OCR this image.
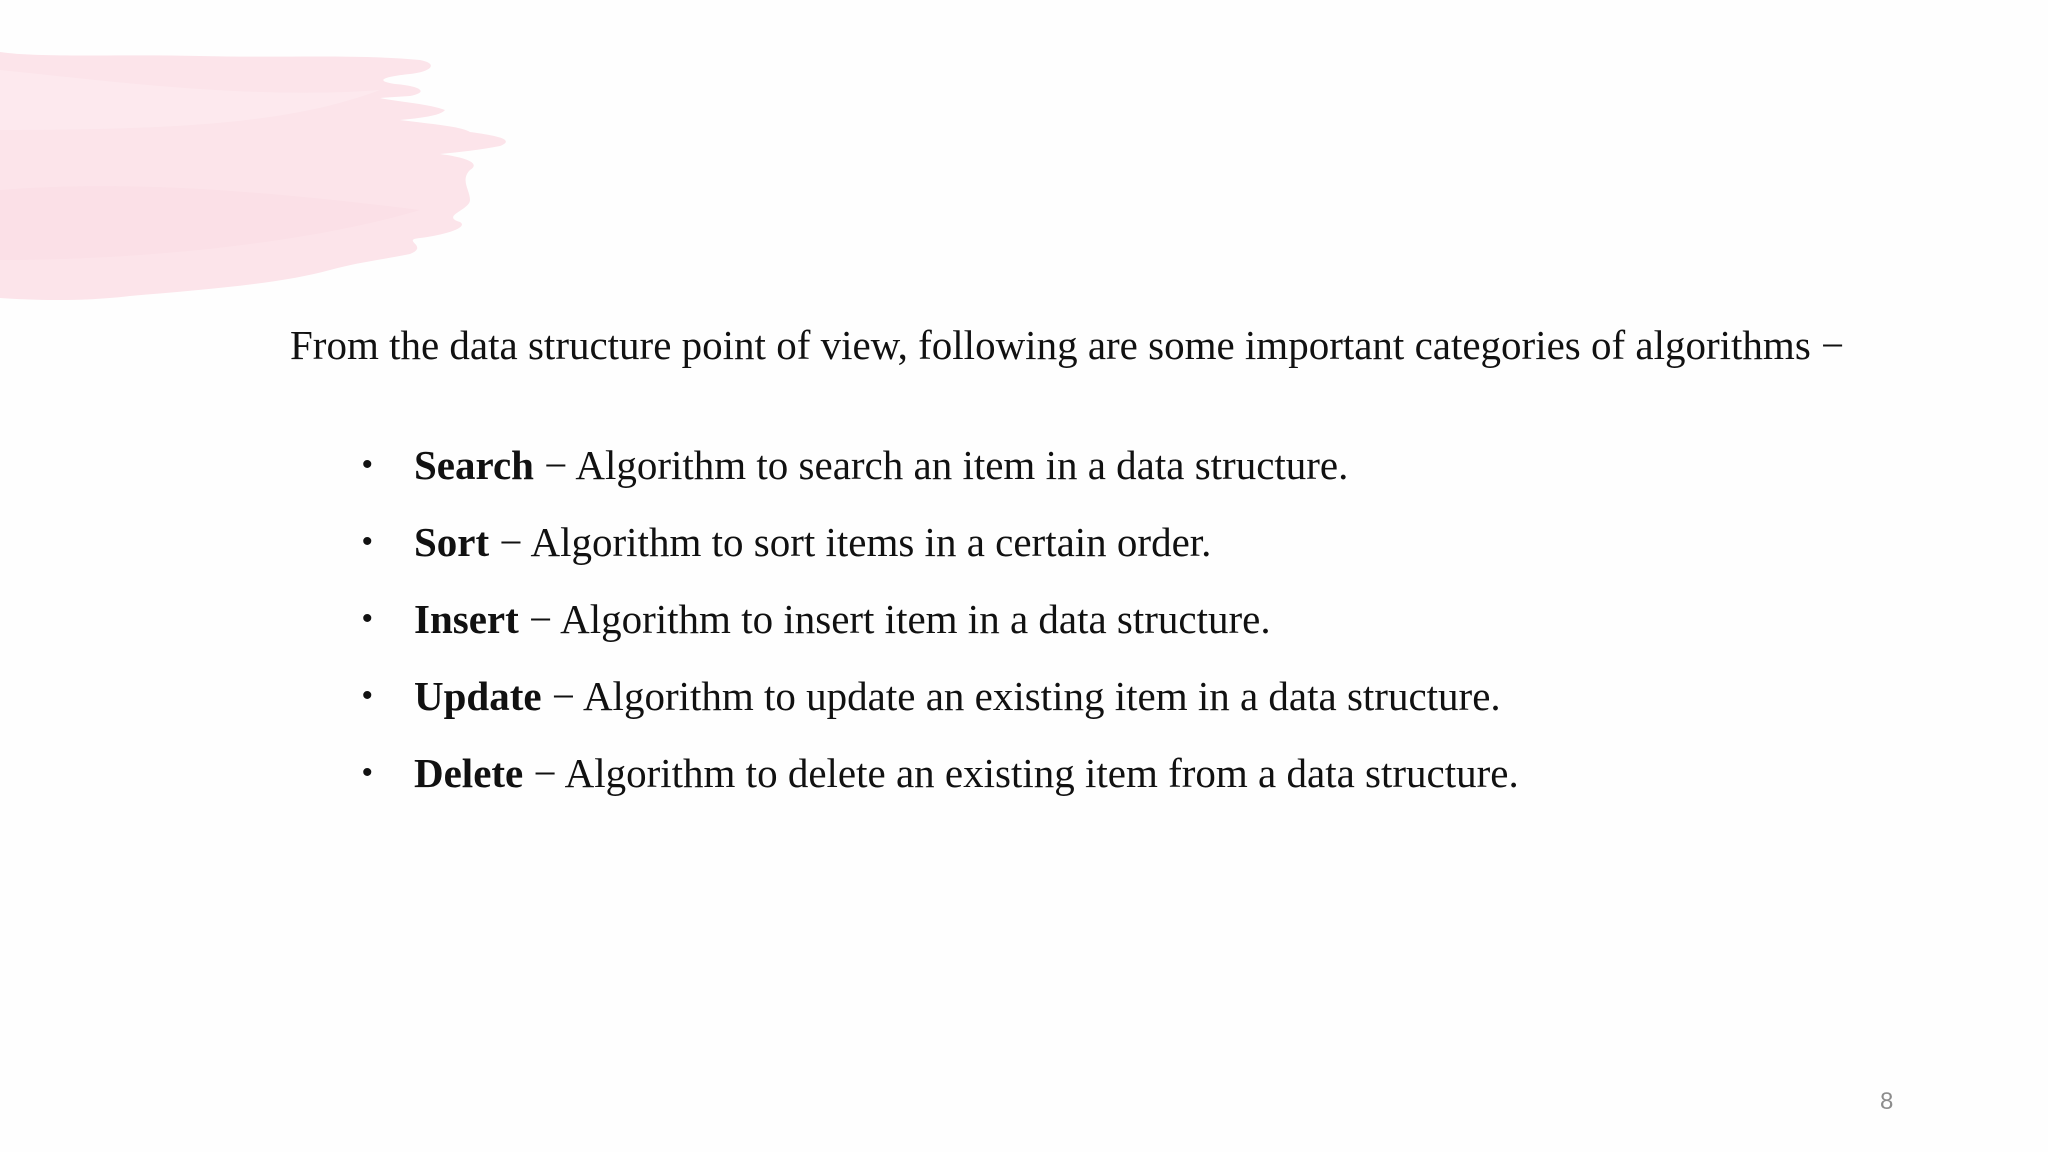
From the data structure point of view, following are some important categories of algorithms −

• Search − Algorithm to search an item in a data structure.
• Sort − Algorithm to sort items in a certain order.
• Insert − Algorithm to insert item in a data structure.
• Update − Algorithm to update an existing item in a data structure.
• Delete − Algorithm to delete an existing item from a data structure.
8
